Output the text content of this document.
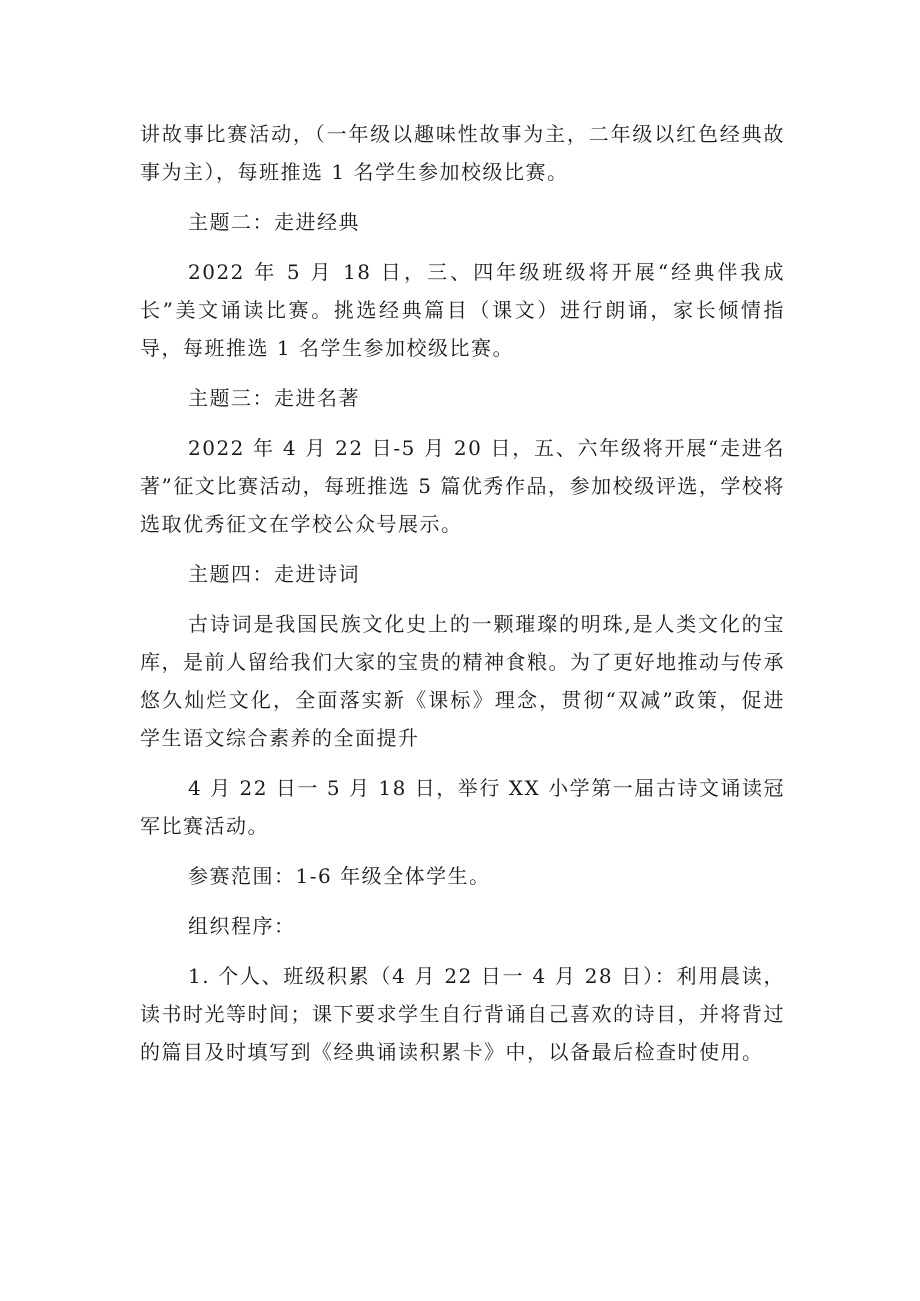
讲故事比赛活动，（一年级以趣味性故事为主，二年级以红色经典故事为主），每班推选 1 名学生参加校级比赛。

主题二：走进经典

2022 年 5 月 18 日，三、四年级班级将开展“经典伴我成长”美文诵读比赛。挑选经典篇目（课文）进行朗诵，家长倾情指导，每班推选 1 名学生参加校级比赛。

主题三：走进名著

2022 年 4 月 22 日-5 月 20 日，五、六年级将开展“走进名著”征文比赛活动，每班推选 5 篇优秀作品，参加校级评选，学校将选取优秀征文在学校公众号展示。

主题四：走进诗词

古诗词是我国民族文化史上的一颗璀璨的明珠,是人类文化的宝库，是前人留给我们大家的宝贵的精神食粮。为了更好地推动与传承悠久灿烂文化，全面落实新《课标》理念，贯彻“双减”政策，促进学生语文综合素养的全面提升

4 月 22 日一 5 月 18 日，举行 XX 小学第一届古诗文诵读冠军比赛活动。

参赛范围：1-6 年级全体学生。

组织程序：

1. 个人、班级积累（4 月 22 日一 4 月 28 日）：利用晨读，读书时光等时间；课下要求学生自行背诵自己喜欢的诗目，并将背过的篇目及时填写到《经典诵读积累卡》中，以备最后检查时使用。
